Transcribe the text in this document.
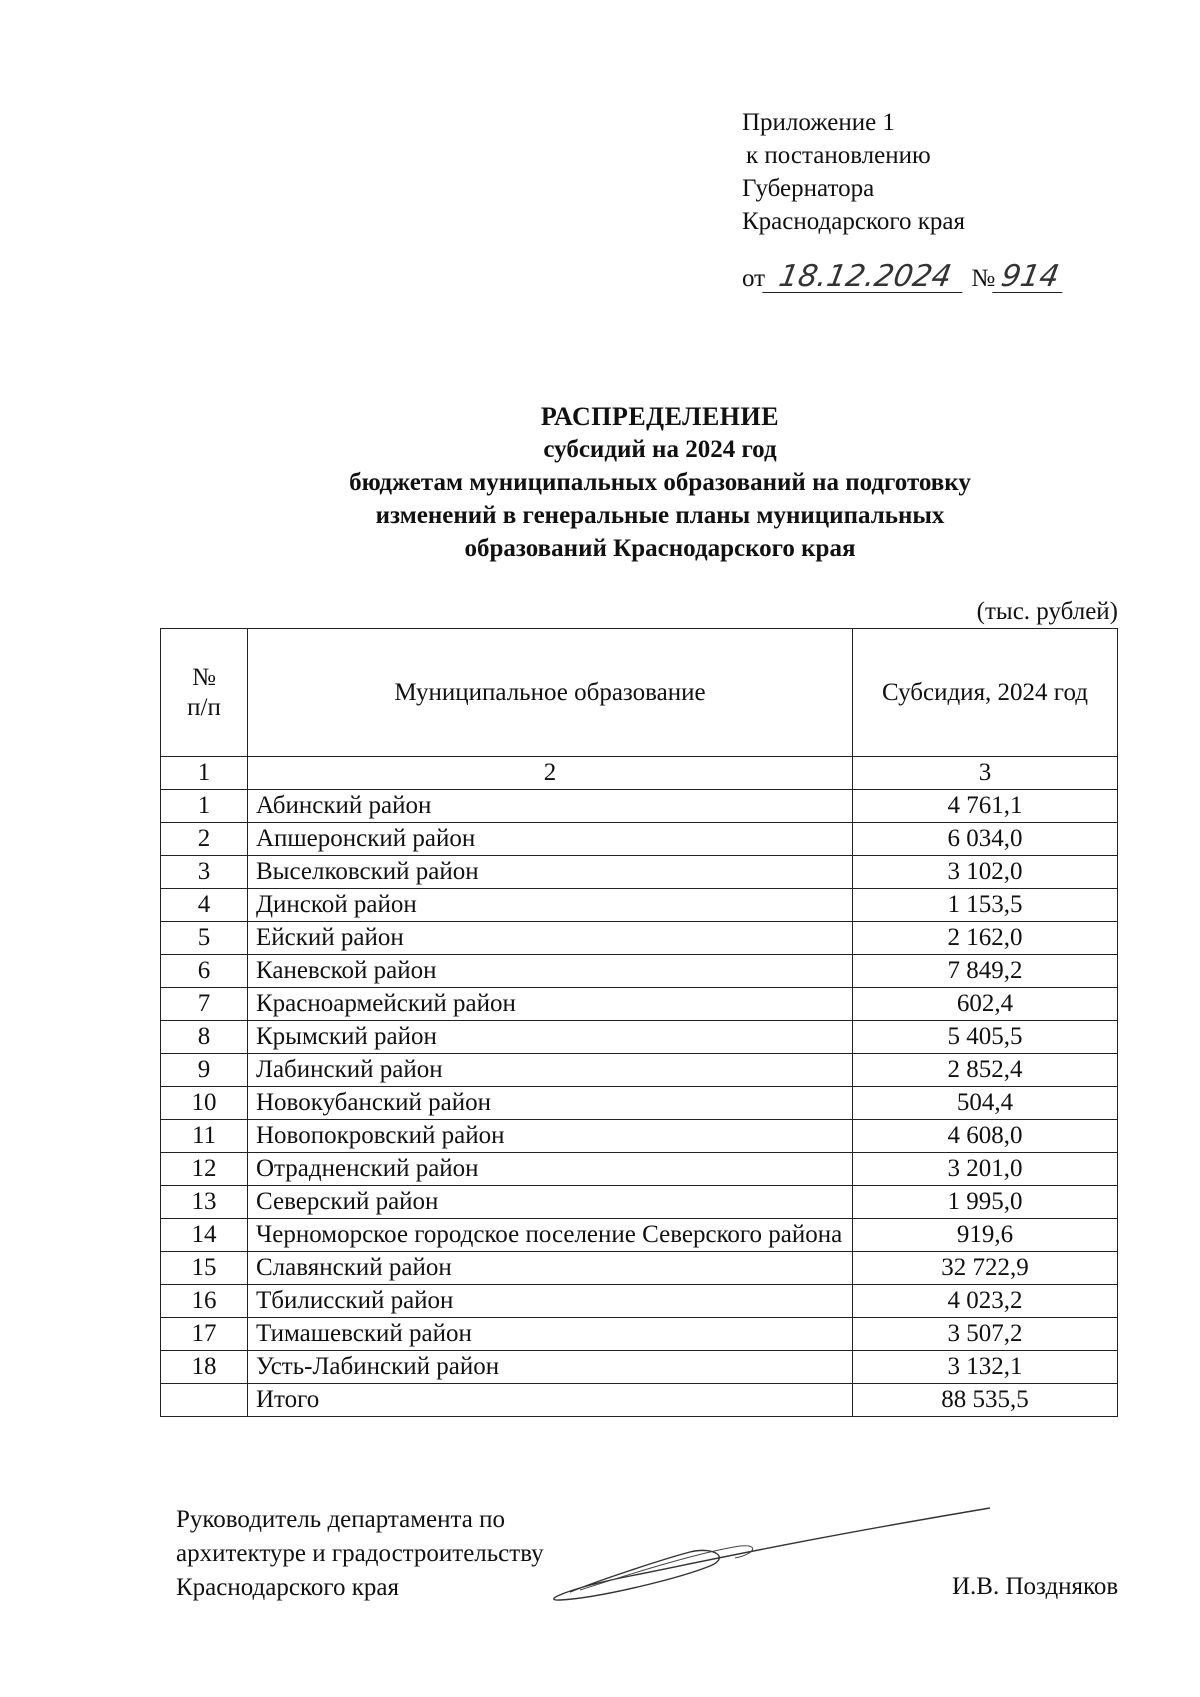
Приложение 1
к постановлению
Губернатора
Краснодарского края
от 18.12.2024 № 914
РАСПРЕДЕЛЕНИЕ
субсидий на 2024 год
бюджетам муниципальных образований на подготовку
изменений в генеральные планы муниципальных
образований Краснодарского края
(тыс. рублей)
№
п/п	Муниципальное образование	Субсидия, 2024 год
1	2	3
1	Абинский район	4 761,1
2	Апшеронский район	6 034,0
3	Выселковский район	3 102,0
4	Динской район	1 153,5
5	Ейский район	2 162,0
6	Каневской район	7 849,2
7	Красноармейский район	602,4
8	Крымский район	5 405,5
9	Лабинский район	2 852,4
10	Новокубанский район	504,4
11	Новопокровский район	4 608,0
12	Отрадненский район	3 201,0
13	Северский район	1 995,0
14	Черноморское городское поселение Северского района	919,6
15	Славянский район	32 722,9
16	Тбилисский район	4 023,2
17	Тимашевский район	3 507,2
18	Усть-Лабинский район	3 132,1
	Итого	88 535,5
Руководитель департамента по
архитектуре и градостроительству
Краснодарского края	И.В. Поздняков
